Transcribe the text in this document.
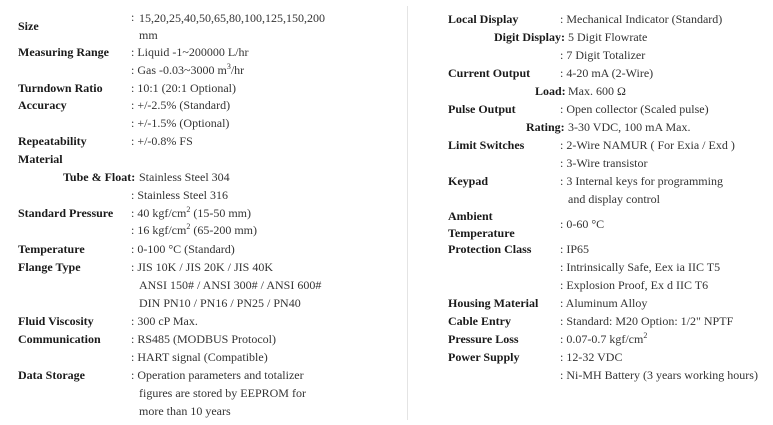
Size
: 15,20,25,40,50,65,80,100,125,150,200
mm
Measuring Range : Liquid -1~200000 L/hr
: Gas -0.03~3000 $m^3/hr$
Turndown Ratio : 10:1 (20:1 Optional)
Accuracy	: +/-2.5% (Standard)
: +/-1.5% (Optional)
Repeatability	: +/-0.8% FS
Material
Tube & Float: Stainless Steel 304
: Stainless Steel 316
Standard Pressure : 40 kgf/$cm^2$ (15-50 mm)
: 16 kgf/$cm^2$ (65-200 mm)
Temperature	: 0-100 °C (Standard)
Flange Type	: JIS 10K / JIS 20K / JIS 40K
ANSI 150# / ANSI 300# / ANSI 600#
DIN PN10 / PN16 / PN25 / PN40
Fluid Viscosity	: 300 cP Max.
Communication	: RS485 (MODBUS Protocol)
: HART signal (Compatible)
Data Storage	: Operation parameters and totalizer
figures are stored by EEPROM for
more than 10 years
Local Display	: Mechanical Indicator (Standard)
Digit Display: 5 Digit Flowrate
: 7 Digit Totalizer
Current Output : 4-20 mA (2-Wire)
Load: Max. 600 Ω
Pulse Output	: Open collector (Scaled pulse)
Rating: 3-30 VDC, 100 mA Max.
Limit Switches	: 2-Wire NAMUR ( For Exia / Exd )
: 3-Wire transistor
Keypad	: 3 Internal keys for programming
and display control
Ambient
Temperature
: 0-60 °C
Protection Class : IP65
: Intrinsically Safe, Eex ia IIC T5
: Explosion Proof, Ex d IIC T6
Housing Material : Aluminum Alloy
Cable Entry	: Standard: M20 Option: 1/2" NPTF
Pressure Loss	: 0.07-0.7 kgf/$cm^2$
Power Supply	: 12-32 VDC
: Ni-MH Battery (3 years working hours)
